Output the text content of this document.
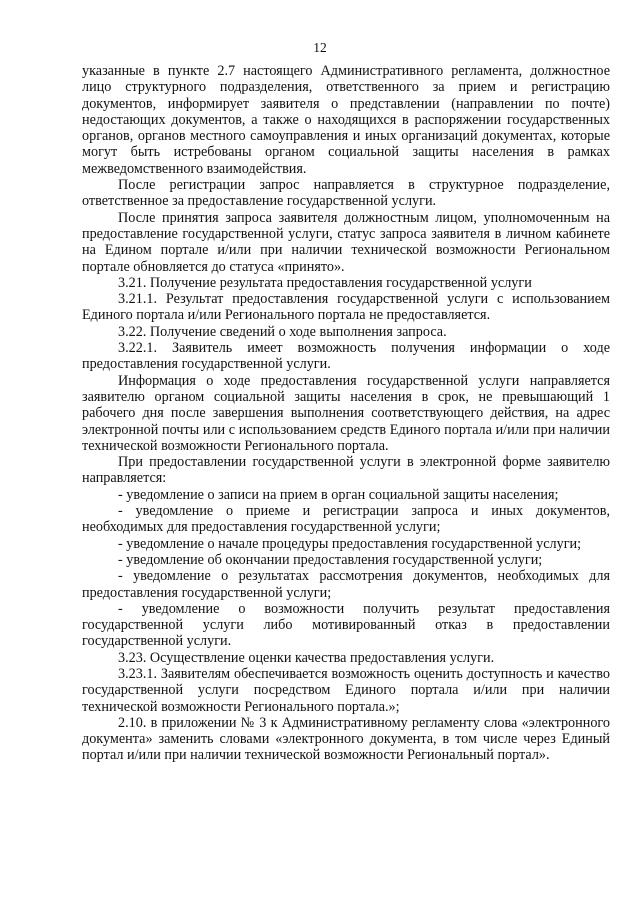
12

указанные в пункте 2.7 настоящего Административного регламента, должностное лицо структурного подразделения, ответственного за прием и регистрацию документов, информирует заявителя о представлении (направлении по почте) недостающих документов, а также о находящихся в распоряжении государственных органов, органов местного самоуправления и иных организаций документах, которые могут быть истребованы органом социальной защиты населения в рамках межведомственного взаимодействия.

После регистрации запрос направляется в структурное подразделение, ответственное за предоставление государственной услуги.

После принятия запроса заявителя должностным лицом, уполномоченным на предоставление государственной услуги, статус запроса заявителя в личном кабинете на Едином портале и/или при наличии технической возможности Региональном портале обновляется до статуса «принято».

3.21. Получение результата предоставления государственной услуги

3.21.1. Результат предоставления государственной услуги с использованием Единого портала и/или Регионального портала не предоставляется.

3.22. Получение сведений о ходе выполнения запроса.

3.22.1. Заявитель имеет возможность получения информации о ходе предоставления государственной услуги.

Информация о ходе предоставления государственной услуги направляется заявителю органом социальной защиты населения в срок, не превышающий 1 рабочего дня после завершения выполнения соответствующего действия, на адрес электронной почты или с использованием средств Единого портала и/или при наличии технической возможности Регионального портала.

При предоставлении государственной услуги в электронной форме заявителю направляется:

- уведомление о записи на прием в орган социальной защиты населения;

- уведомление о приеме и регистрации запроса и иных документов, необходимых для предоставления государственной услуги;

- уведомление о начале процедуры предоставления государственной услуги;

- уведомление об окончании предоставления государственной услуги;

- уведомление о результатах рассмотрения документов, необходимых для предоставления государственной услуги;

- уведомление о возможности получить результат предоставления государственной услуги либо мотивированный отказ в предоставлении государственной услуги.

3.23. Осуществление оценки качества предоставления услуги.

3.23.1. Заявителям обеспечивается возможность оценить доступность и качество государственной услуги посредством Единого портала и/или при наличии технической возможности Регионального портала.»;

2.10. в приложении № 3 к Административному регламенту слова «электронного документа» заменить словами «электронного документа, в том числе через Единый портал и/или при наличии технической возможности Региональный портал».
